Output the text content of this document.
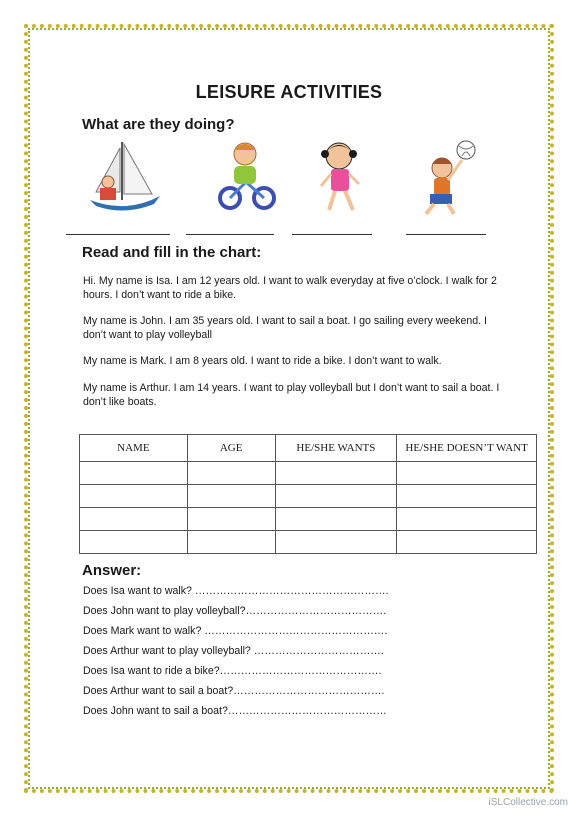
LEISURE ACTIVITIES
What are they doing?
Read and fill in the chart:
Hi. My name is Isa. I am 12 years old. I want to walk everyday at five o’clock. I walk for 2 hours. I don’t want to ride a bike.
My name is John. I am 35 years old. I want to sail a boat. I go sailing every weekend. I don’t want to play volleyball
My name is Mark. I am 8 years old. I want to ride a bike. I don’t want to walk.
My name is Arthur. I am 14 years. I want to play volleyball but I don’t want to sail a boat. I don’t like boats.
NAME	AGE	HE/SHE WANTS	HE/SHE DOESN’T WANT

Answer:
Does Isa want to walk? ……………………………………………….
Does John want to play volleyball?………………………………….
Does Mark want to walk? …………………………………………….
Does Arthur want to play volleyball? ……………………………….
Does Isa want to ride a bike?……………………………………….
Does Arthur want to sail a boat?…………………………………….
Does John want to sail a boat?………………………………………
iSLCollective.com
